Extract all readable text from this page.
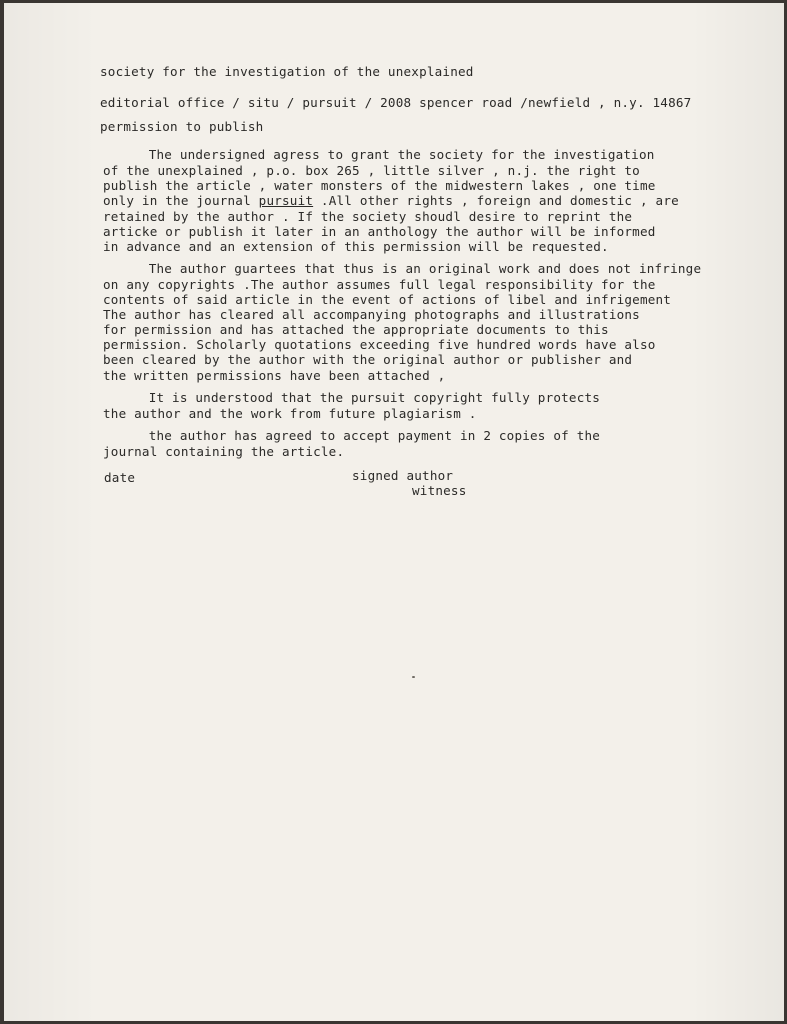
society for the investigation of the unexplained
editorial office / situ / pursuit / 2008 spencer road /newfield , n.y. 14867
permission to publish
The undersigned agress to grant the society for the investigation
of the unexplained , p.o. box 265 , little silver , n.j. the right to
publish the article , water monsters of the midwestern lakes , one time
only in the journal pursuit .All other rights , foreign and domestic , are
retained by the author . If the society shoudl desire to reprint the
articke or publish it later in an anthology the author will be informed
in advance and an extension of this permission will be requested.
The author guartees that thus is an original work and does not infringe
on any copyrights .The author assumes full legal responsibility for the
contents of said article in the event of actions of libel and infrigement
The author has cleared all accompanying photographs and illustrations
for permission and has attached the appropriate documents to this
permission. Scholarly quotations exceeding five hundred words have also
been cleared by the author with the original author or publisher and
the written permissions have been attached ,
It is understood that the pursuit copyright fully protects
the author and the work from future plagiarism .
the author has agreed to accept payment in 2 copies of the
journal containing the article.
date	signed author
witness
